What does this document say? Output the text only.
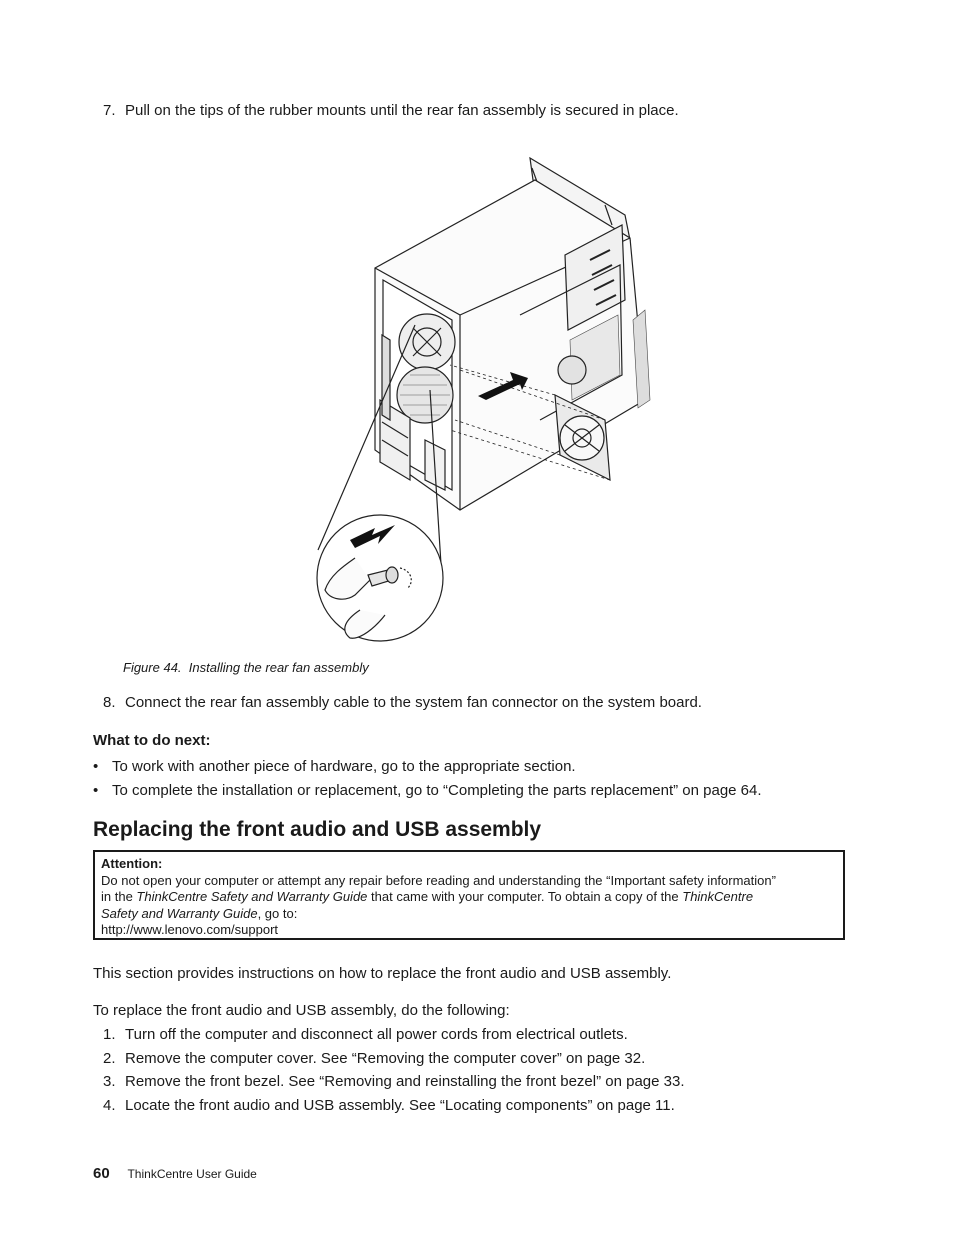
7. Pull on the tips of the rubber mounts until the rear fan assembly is secured in place.
Figure 44. Installing the rear fan assembly
8. Connect the rear fan assembly cable to the system fan connector on the system board.
What to do next:
• To work with another piece of hardware, go to the appropriate section.
• To complete the installation or replacement, go to “Completing the parts replacement” on page 64.
Replacing the front audio and USB assembly
Attention:
Do not open your computer or attempt any repair before reading and understanding the “Important safety information”
in the ThinkCentre Safety and Warranty Guide that came with your computer. To obtain a copy of the ThinkCentre
Safety and Warranty Guide, go to:
http://www.lenovo.com/support
This section provides instructions on how to replace the front audio and USB assembly.
To replace the front audio and USB assembly, do the following:
1. Turn off the computer and disconnect all power cords from electrical outlets.
2. Remove the computer cover. See “Removing the computer cover” on page 32.
3. Remove the front bezel. See “Removing and reinstalling the front bezel” on page 33.
4. Locate the front audio and USB assembly. See “Locating components” on page 11.
60 ThinkCentre User Guide
